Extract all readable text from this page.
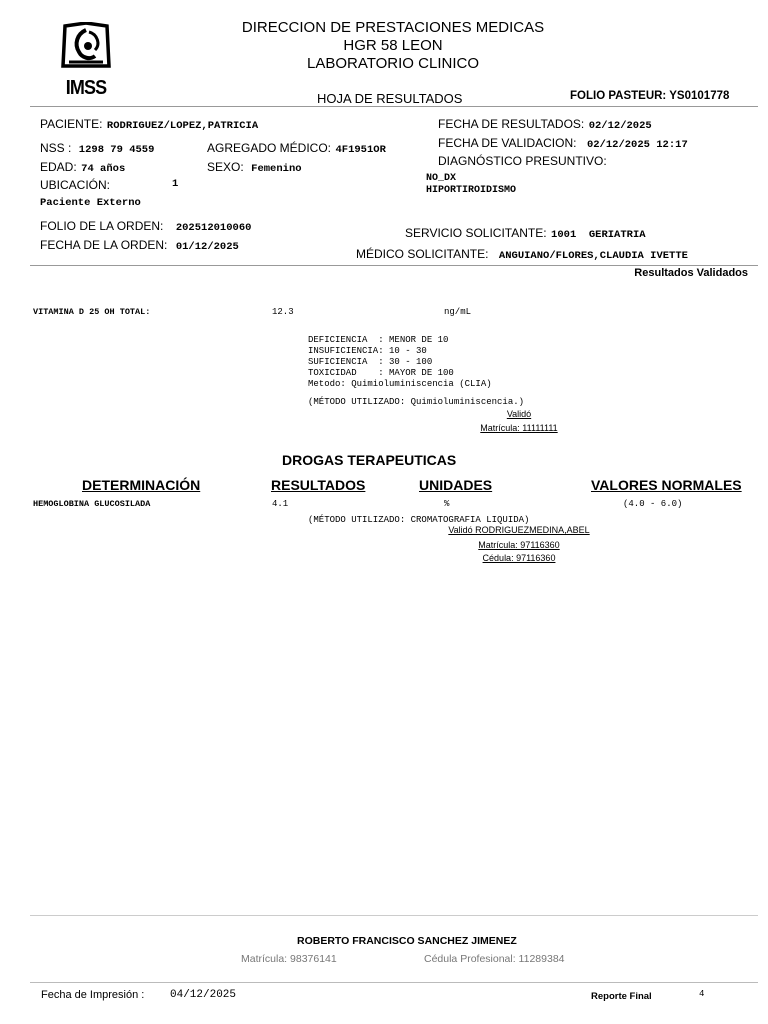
IMSS
DIRECCION DE PRESTACIONES MEDICAS
HGR 58 LEON
LABORATORIO CLINICO
HOJA DE RESULTADOS	FOLIO PASTEUR: YS0101778
PACIENTE: RODRIGUEZ/LOPEZ,PATRICIA
NSS : 1298 79 4559	AGREGADO MÉDICO: 4F1951OR
EDAD: 74 años	SEXO: Femenino
UBICACIÓN:	1
Paciente Externo
FOLIO DE LA ORDEN: 202512010060
FECHA DE LA ORDEN: 01/12/2025
FECHA DE RESULTADOS: 02/12/2025
FECHA DE VALIDACION: 02/12/2025 12:17
DIAGNÓSTICO PRESUNTIVO:
NO_DX
HIPORTIROIDISMO
SERVICIO SOLICITANTE: 1001  GERIATRIA
MÉDICO SOLICITANTE: ANGUIANO/FLORES,CLAUDIA IVETTE
Resultados Validados
VITAMINA D 25 OH TOTAL:	12.3	ng/mL
DEFICIENCIA  : MENOR DE 10
INSUFICIENCIA: 10 - 30
SUFICIENCIA  : 30 - 100
TOXICIDAD    : MAYOR DE 100
Metodo: Quimioluminiscencia (CLIA)
(MÉTODO UTILIZADO: Quimioluminiscencia.)
Validó
Matrícula: 11111111
DROGAS TERAPEUTICAS
DETERMINACIÓN	RESULTADOS	UNIDADES	VALORES NORMALES
HEMOGLOBINA GLUCOSILADA	4.1	%	(4.0 - 6.0)
(MÉTODO UTILIZADO: CROMATOGRAFIA LIQUIDA)
Validó RODRIGUEZMEDINA,ABEL
Matrícula: 97116360
Cédula: 97116360
ROBERTO FRANCISCO SANCHEZ JIMENEZ
Matrícula: 98376141	Cédula Profesional: 11289384
Fecha de Impresión : 04/12/2025	Reporte Final	4
